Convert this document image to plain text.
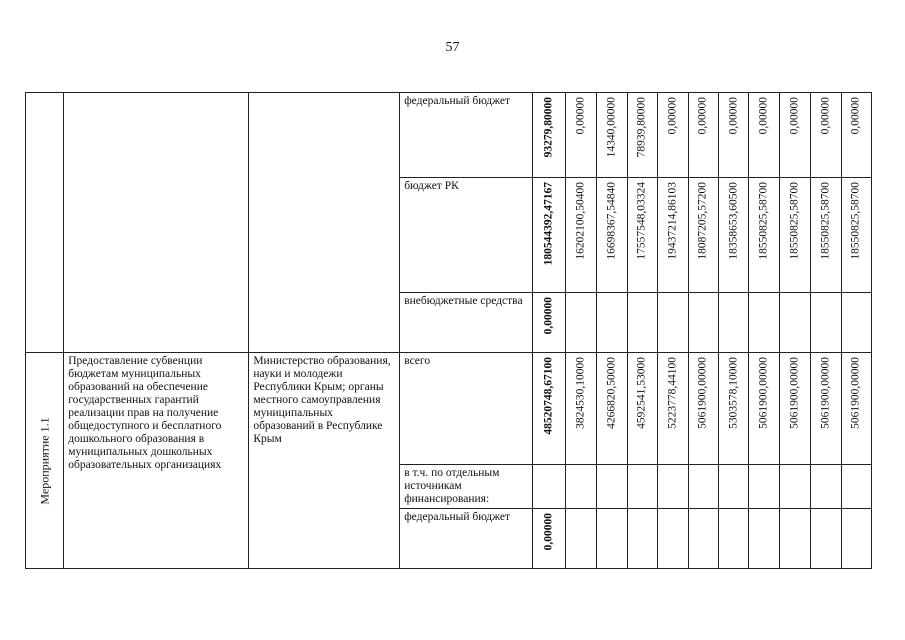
57

			федеральный бюджет	93279,80000	0,00000	14340,00000	78939,80000	0,00000	0,00000	0,00000	0,00000	0,00000	0,00000	0,00000

			бюджет РК	180544392,47167	16202100,50400	16698367,54840	17557548,03324	19437214,86103	18087205,57200	18358653,60500	18550825,58700	18550825,58700	18550825,58700	18550825,58700

			внебюджетные средства	0,00000										

Мероприятие 1.1	Предоставление субвенции бюджетам муниципальных образований на обеспечение государственных гарантий реализации прав на получение общедоступного и бесплатного дошкольного образования в муниципальных дошкольных образовательных организациях	Министерство образования, науки и молодежи Республики Крым; органы местного самоуправления муниципальных образований в Республике Крым	всего	48520748,67100	3824530,10000	4266820,50000	4592541,53000	5223778,44100	5061900,00000	5303578,10000	5061900,00000	5061900,00000	5061900,00000	5061900,00000

			в т.ч. по отдельным источникам финансирования:											

			федеральный бюджет	0,00000										
